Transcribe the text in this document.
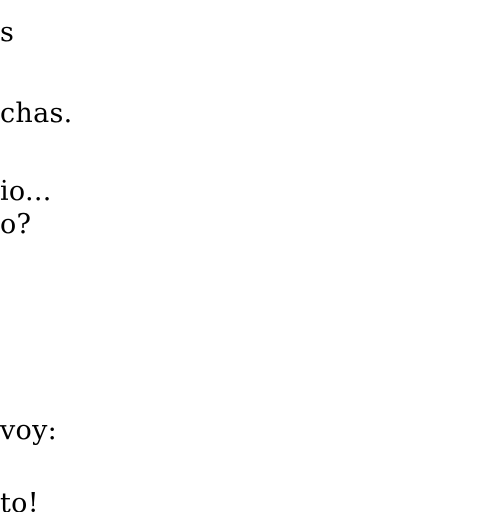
s

chas.

io...

o?

voy:

to!
